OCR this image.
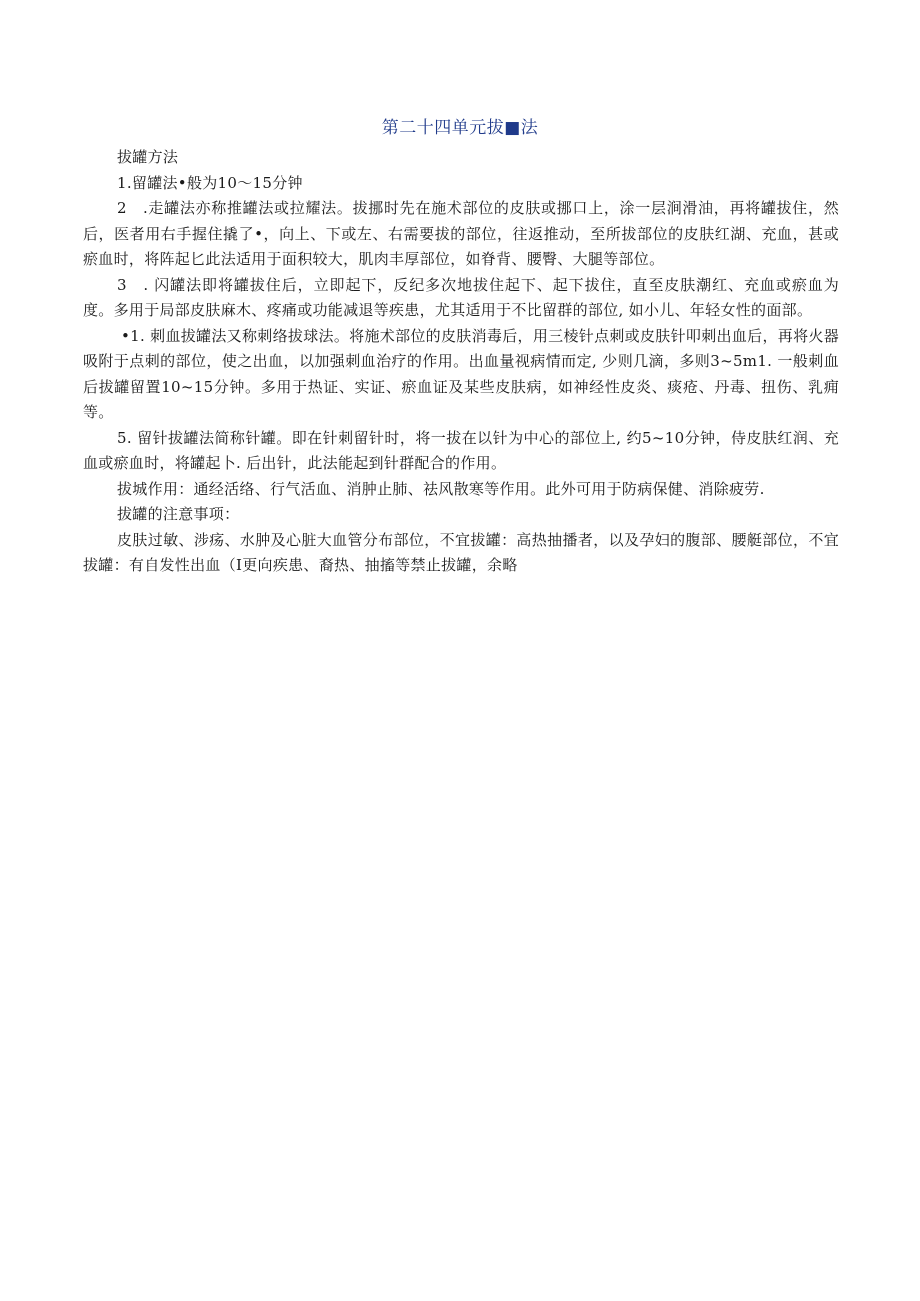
第二十四单元拔■法

拔罐方法

1.留罐法•般为10～15分钟

2　.走罐法亦称推罐法或拉耀法。拔挪时先在施术部位的皮肤或挪口上，涂一层涧滑油，再将罐拔住，然后，医者用右手握住撬了•，向上、下或左、右需要拔的部位，往返推动，至所拔部位的皮肤红湖、充血，甚或瘀血时，将阵起匕此法适用于面积较大，肌肉丰厚部位，如脊背、腰臀、大腿等部位。

3　. 闪罐法即将罐拔住后，立即起下，反纪多次地拔住起下、起下拔住，直至皮肤潮红、充血或瘀血为度。多用于局部皮肤麻木、疼痛或功能减退等疾患，尤其适用于不比留群的部位, 如小儿、年轻女性的面部。

•1. 刺血拔罐法又称刺络拔球法。将施术部位的皮肤消毒后，用三棱针点刺或皮肤针叩刺出血后，再将火器吸附于点刺的部位，使之出血，以加强刺血治疗的作用。出血量视病情而定, 少则几滴，多则3~5m1. 一般刺血后拔罐留置10~15分钟。多用于热证、实证、瘀血证及某些皮肤病，如神经性皮炎、痰疮、丹毒、扭伤、乳痈等。

5. 留针拔罐法简称针罐。即在针刺留针时，将一拔在以针为中心的部位上, 约5~10分钟，侍皮肤红润、充血或瘀血时，将罐起卜. 后出针，此法能起到针群配合的作用。

拔城作用：通经活络、行气活血、消肿止肺、祛风散寒等作用。此外可用于防病保健、消除疲劳.

拔罐的注意事项：

皮肤过敏、涉疡、水肿及心脏大血管分布部位，不宜拔罐：高热抽播者，以及孕妇的腹部、腰艇部位，不宜拔罐：有自发性出血（I更向疾患、裔热、抽搐等禁止拔罐，余略
